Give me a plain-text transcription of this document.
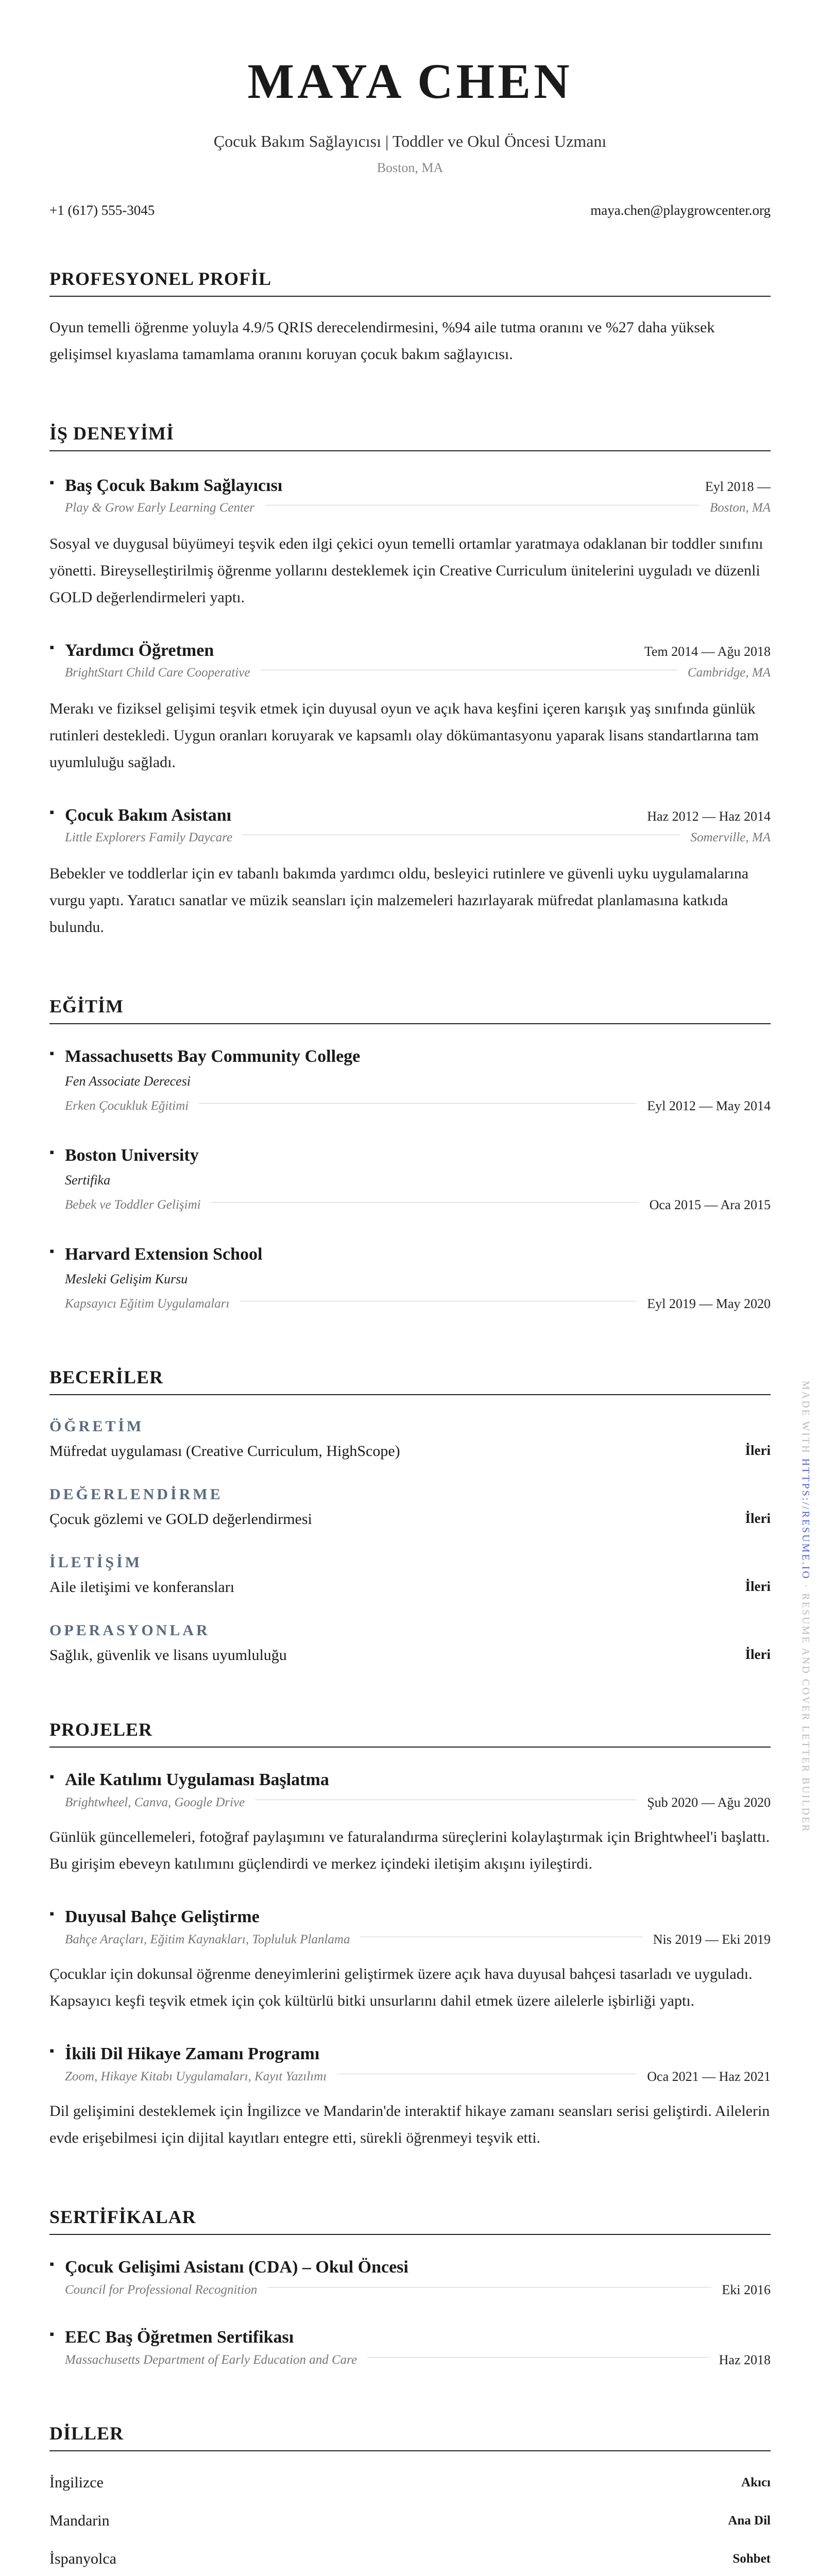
MAYA CHEN
Çocuk Bakım Sağlayıcısı | Toddler ve Okul Öncesi Uzmanı
Boston, MA
+1 (617) 555-3045	maya.chen@playgrowcenter.org
PROFESYONEL PROFİL
Oyun temelli öğrenme yoluyla 4.9/5 QRIS derecelendirmesini, %94 aile tutma oranını ve %27 daha yüksek gelişimsel kıyaslama tamamlama oranını koruyan çocuk bakım sağlayıcısı.
İŞ DENEYİMİ
▪ Baş Çocuk Bakım Sağlayıcısı	Eyl 2018 —
Play & Grow Early Learning Center	Boston, MA
Sosyal ve duygusal büyümeyi teşvik eden ilgi çekici oyun temelli ortamlar yaratmaya odaklanan bir toddler sınıfını yönetti. Bireyselleştirilmiş öğrenme yollarını desteklemek için Creative Curriculum ünitelerini uyguladı ve düzenli GOLD değerlendirmeleri yaptı.
▪ Yardımcı Öğretmen	Tem 2014 — Ağu 2018
BrightStart Child Care Cooperative	Cambridge, MA
Merakı ve fiziksel gelişimi teşvik etmek için duyusal oyun ve açık hava keşfini içeren karışık yaş sınıfında günlük rutinleri destekledi. Uygun oranları koruyarak ve kapsamlı olay dökümantasyonu yaparak lisans standartlarına tam uyumluluğu sağladı.
▪ Çocuk Bakım Asistanı	Haz 2012 — Haz 2014
Little Explorers Family Daycare	Somerville, MA
Bebekler ve toddlerlar için ev tabanlı bakımda yardımcı oldu, besleyici rutinlere ve güvenli uyku uygulamalarına vurgu yaptı. Yaratıcı sanatlar ve müzik seansları için malzemeleri hazırlayarak müfredat planlamasına katkıda bulundu.
EĞİTİM
▪ Massachusetts Bay Community College
Fen Associate Derecesi
Erken Çocukluk Eğitimi	Eyl 2012 — May 2014
▪ Boston University
Sertifika
Bebek ve Toddler Gelişimi	Oca 2015 — Ara 2015
▪ Harvard Extension School
Mesleki Gelişim Kursu
Kapsayıcı Eğitim Uygulamaları	Eyl 2019 — May 2020
BECERİLER
ÖĞRETİM
Müfredat uygulaması (Creative Curriculum, HighScope)	İleri
DEĞERLENDİRME
Çocuk gözlemi ve GOLD değerlendirmesi	İleri
İLETİŞİM
Aile iletişimi ve konferansları	İleri
OPERASYONLAR
Sağlık, güvenlik ve lisans uyumluluğu	İleri
PROJELER
▪ Aile Katılımı Uygulaması Başlatma
Brightwheel, Canva, Google Drive	Şub 2020 — Ağu 2020
Günlük güncellemeleri, fotoğraf paylaşımını ve faturalandırma süreçlerini kolaylaştırmak için Brightwheel'i başlattı. Bu girişim ebeveyn katılımını güçlendirdi ve merkez içindeki iletişim akışını iyileştirdi.
▪ Duyusal Bahçe Geliştirme
Bahçe Araçları, Eğitim Kaynakları, Topluluk Planlama	Nis 2019 — Eki 2019
Çocuklar için dokunsal öğrenme deneyimlerini geliştirmek üzere açık hava duyusal bahçesi tasarladı ve uyguladı. Kapsayıcı keşfi teşvik etmek için çok kültürlü bitki unsurlarını dahil etmek üzere ailelerle işbirliği yaptı.
▪ İkili Dil Hikaye Zamanı Programı
Zoom, Hikaye Kitabı Uygulamaları, Kayıt Yazılımı	Oca 2021 — Haz 2021
Dil gelişimini desteklemek için İngilizce ve Mandarin'de interaktif hikaye zamanı seansları serisi geliştirdi. Ailelerin evde erişebilmesi için dijital kayıtları entegre etti, sürekli öğrenmeyi teşvik etti.
SERTİFİKALAR
▪ Çocuk Gelişimi Asistanı (CDA) – Okul Öncesi
Council for Professional Recognition	Eki 2016
▪ EEC Baş Öğretmen Sertifikası
Massachusetts Department of Early Education and Care	Haz 2018
DİLLER
İngilizce	Akıcı
Mandarin	Ana Dil
İspanyolca	Sohbet
MADE WITH HTTPS://RESUME.IO · RESUME AND COVER LETTER BUILDER
